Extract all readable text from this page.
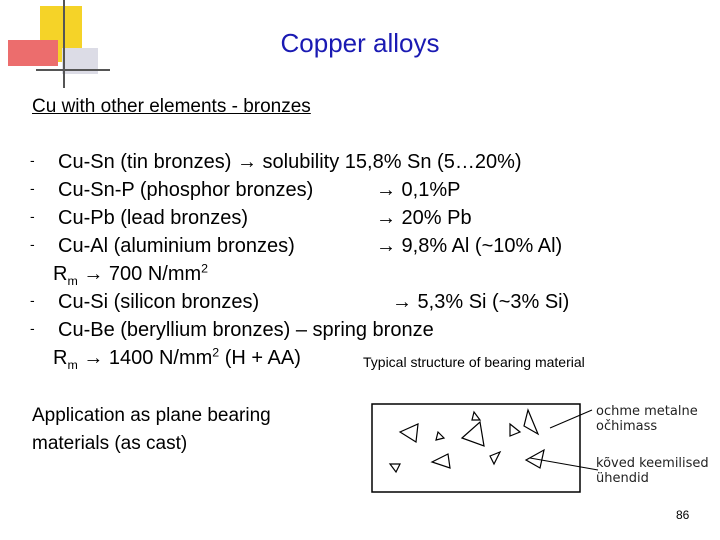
Copper alloys
Cu with other elements - bronzes
- Cu-Sn (tin bronzes) → solubility 15,8% Sn (5…20%)
- Cu-Sn-P (phosphor bronzes)	→ 0,1%P
- Cu-Pb (lead bronzes)	→ 20% Pb
- Cu-Al (aluminium bronzes)	→ 9,8% Al (~10% Al)
$R_m \to 700$ $N/mm^2$
- Cu-Si (silicon bronzes)	→ 5,3% Si (~3% Si)
- Cu-Be (beryllium bronzes) – spring bronze
$R_m \to 1400$ $N/mm^2$ (H + AA)	Typical structure of bearing material
Application as plane bearing
materials (as cast)
ochme metalne
očhimass
kõved keemilised
ühendid
86
